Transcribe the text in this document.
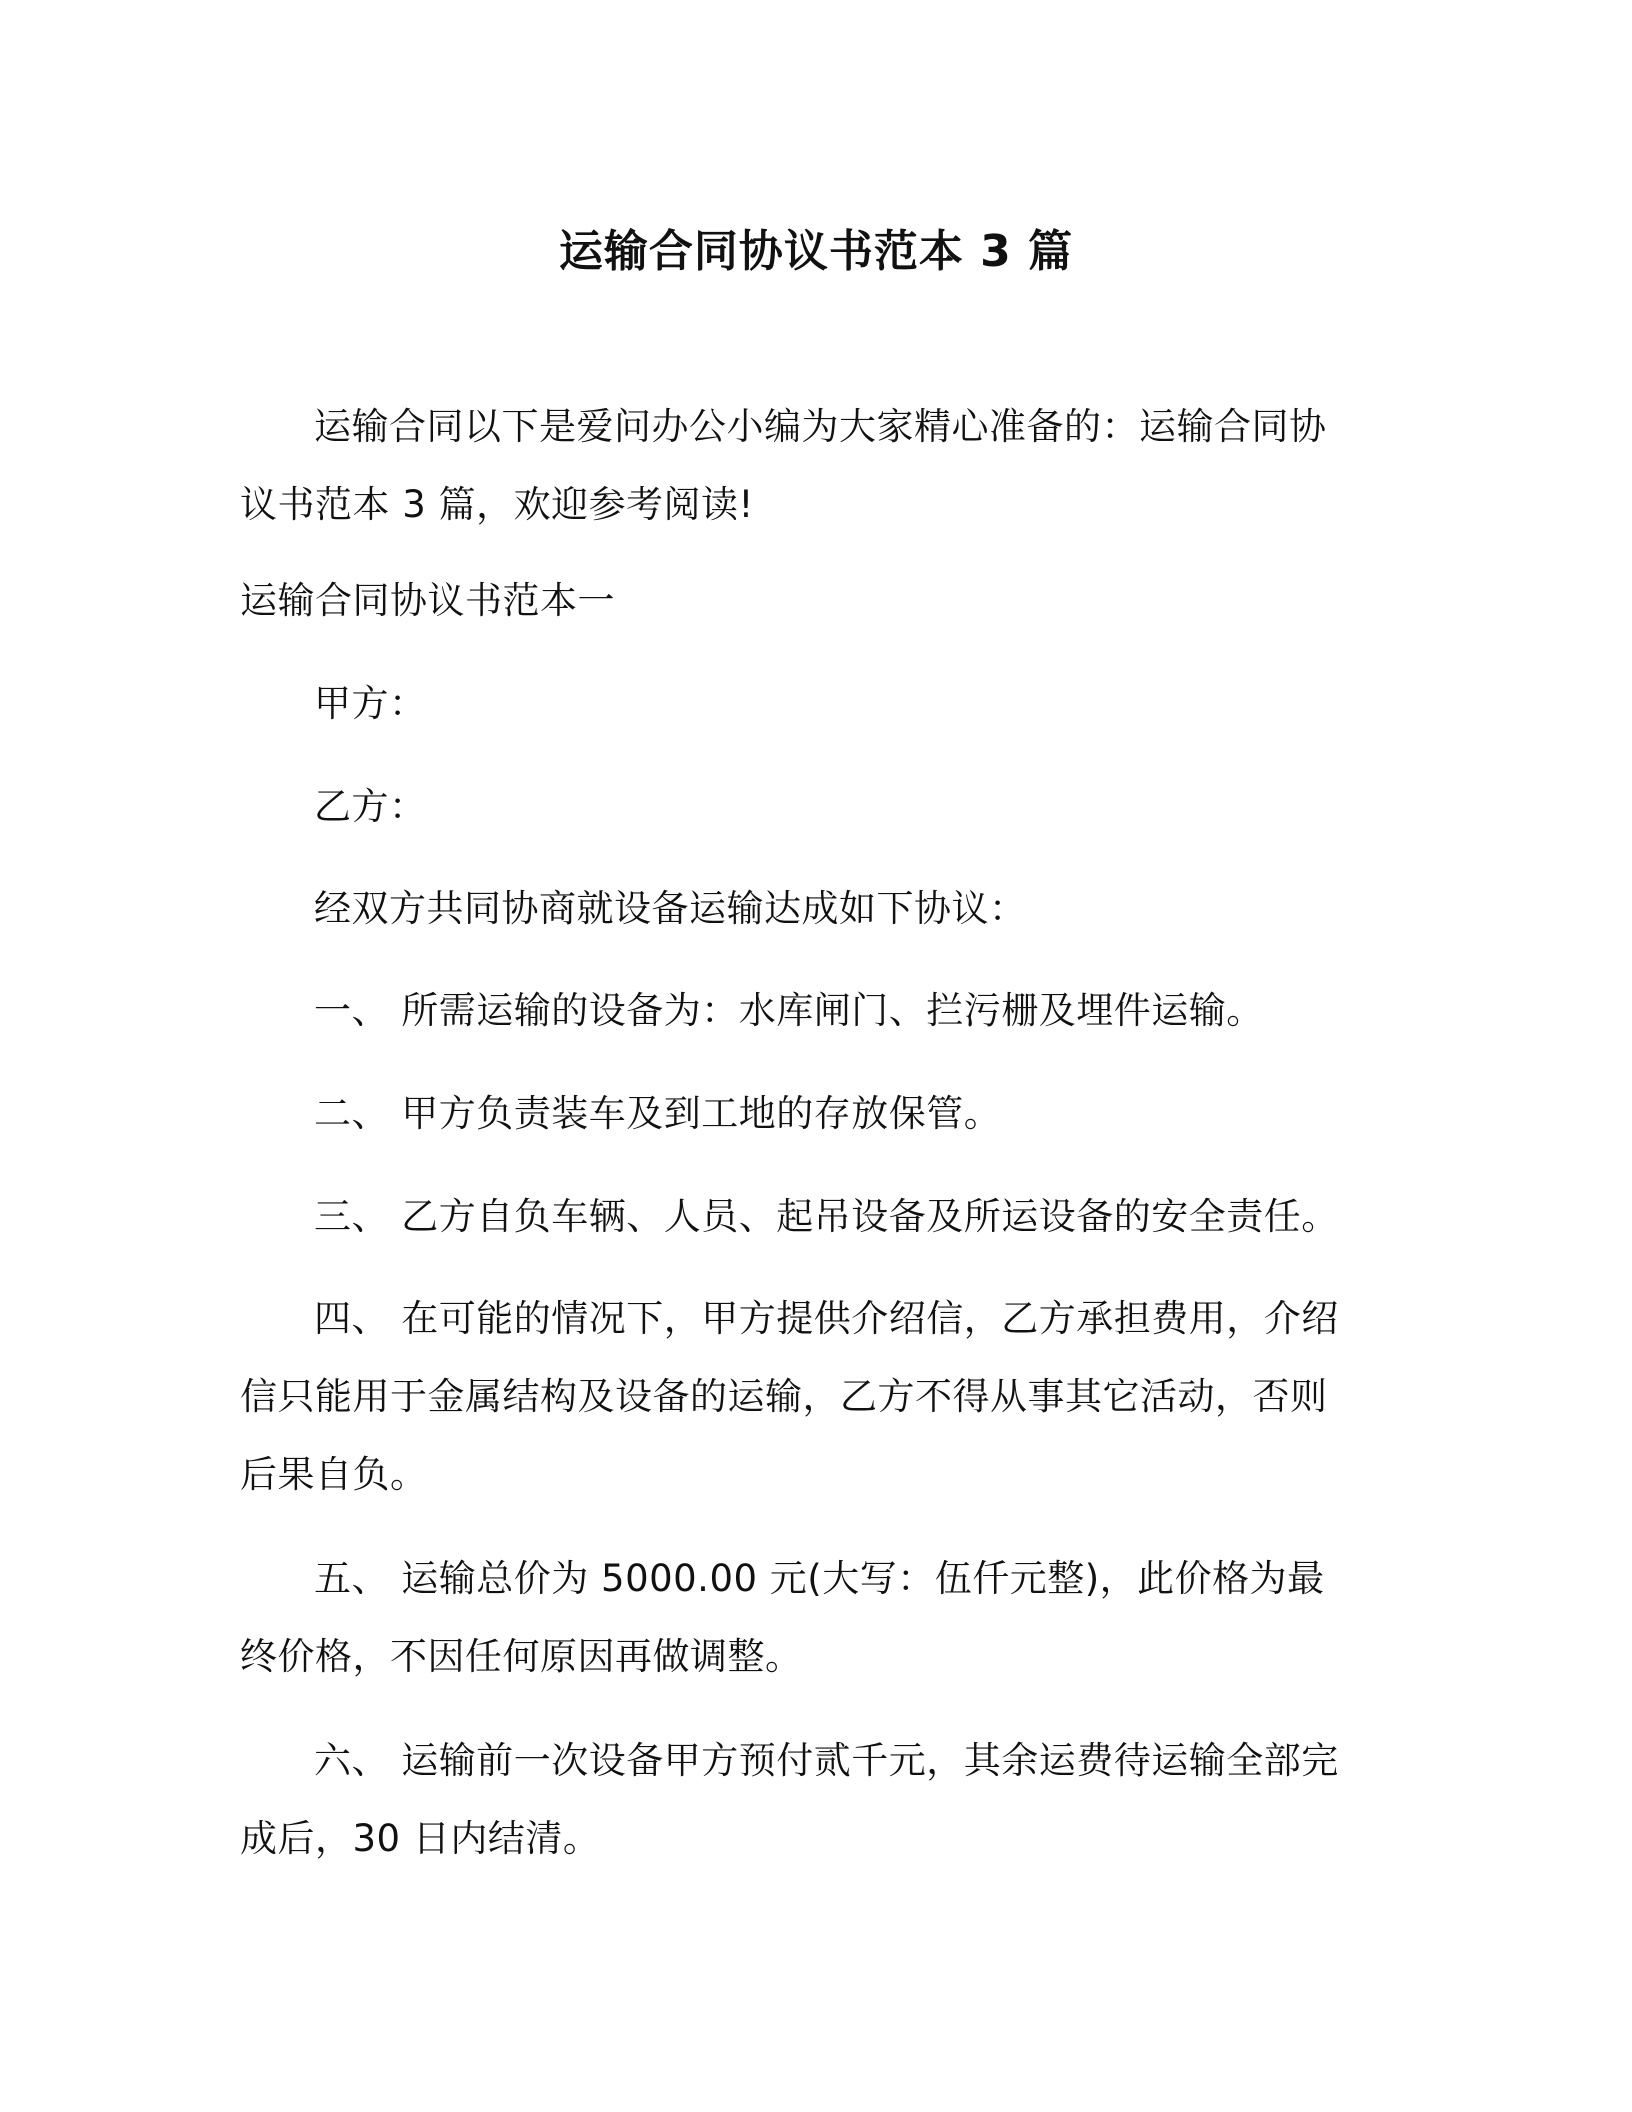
运输合同协议书范本 3 篇
运输合同以下是爱问办公小编为大家精心准备的：运输合同协议书范本 3 篇，欢迎参考阅读!
运输合同协议书范本一
甲方：
乙方：
经双方共同协商就设备运输达成如下协议：
一、 所需运输的设备为：水库闸门、拦污栅及埋件运输。
二、 甲方负责装车及到工地的存放保管。
三、 乙方自负车辆、人员、起吊设备及所运设备的安全责任。
四、 在可能的情况下，甲方提供介绍信，乙方承担费用，介绍信只能用于金属结构及设备的运输，乙方不得从事其它活动，否则后果自负。
五、 运输总价为 5000.00 元(大写：伍仟元整)，此价格为最终价格，不因任何原因再做调整。
六、 运输前一次设备甲方预付贰千元，其余运费待运输全部完成后，30 日内结清。
